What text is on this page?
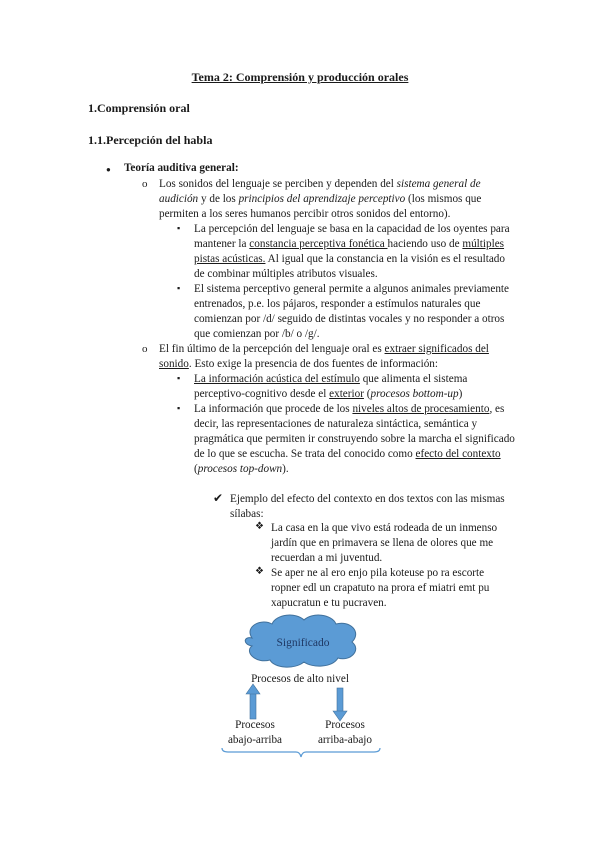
Tema 2: Comprensión y producción orales
1.Comprensión oral
1.1.Percepción del habla
● Teoría auditiva general:
o Los sonidos del lenguaje se perciben y dependen del sistema general de audición y de los principios del aprendizaje perceptivo (los mismos que permiten a los seres humanos percibir otros sonidos del entorno).
▪ La percepción del lenguaje se basa en la capacidad de los oyentes para mantener la constancia perceptiva fonética haciendo uso de múltiples pistas acústicas. Al igual que la constancia en la visión es el resultado de combinar múltiples atributos visuales.
▪ El sistema perceptivo general permite a algunos animales previamente entrenados, p.e. los pájaros, responder a estímulos naturales que comienzan por /d/ seguido de distintas vocales y no responder a otros que comienzan por /b/ o /g/.
o El fin último de la percepción del lenguaje oral es extraer significados del sonido. Esto exige la presencia de dos fuentes de información:
▪ La información acústica del estímulo que alimenta el sistema perceptivo-cognitivo desde el exterior (procesos bottom-up)
▪ La información que procede de los niveles altos de procesamiento, es decir, las representaciones de naturaleza sintáctica, semántica y pragmática que permiten ir construyendo sobre la marcha el significado de lo que se escucha. Se trata del conocido como efecto del contexto (procesos top-down).
✔ Ejemplo del efecto del contexto en dos textos con las mismas sílabas:
❖ La casa en la que vivo está rodeada de un inmenso jardín que en primavera se llena de olores que me recuerdan a mi juventud.
❖ Se aper ne al ero enjo pila koteuse po ra escorte ropner edl un crapatuto na prora ef miatri emt pu xapucratun e tu pucraven.
Significado
Procesos de alto nivel
Procesos abajo-arriba
Procesos arriba-abajo
